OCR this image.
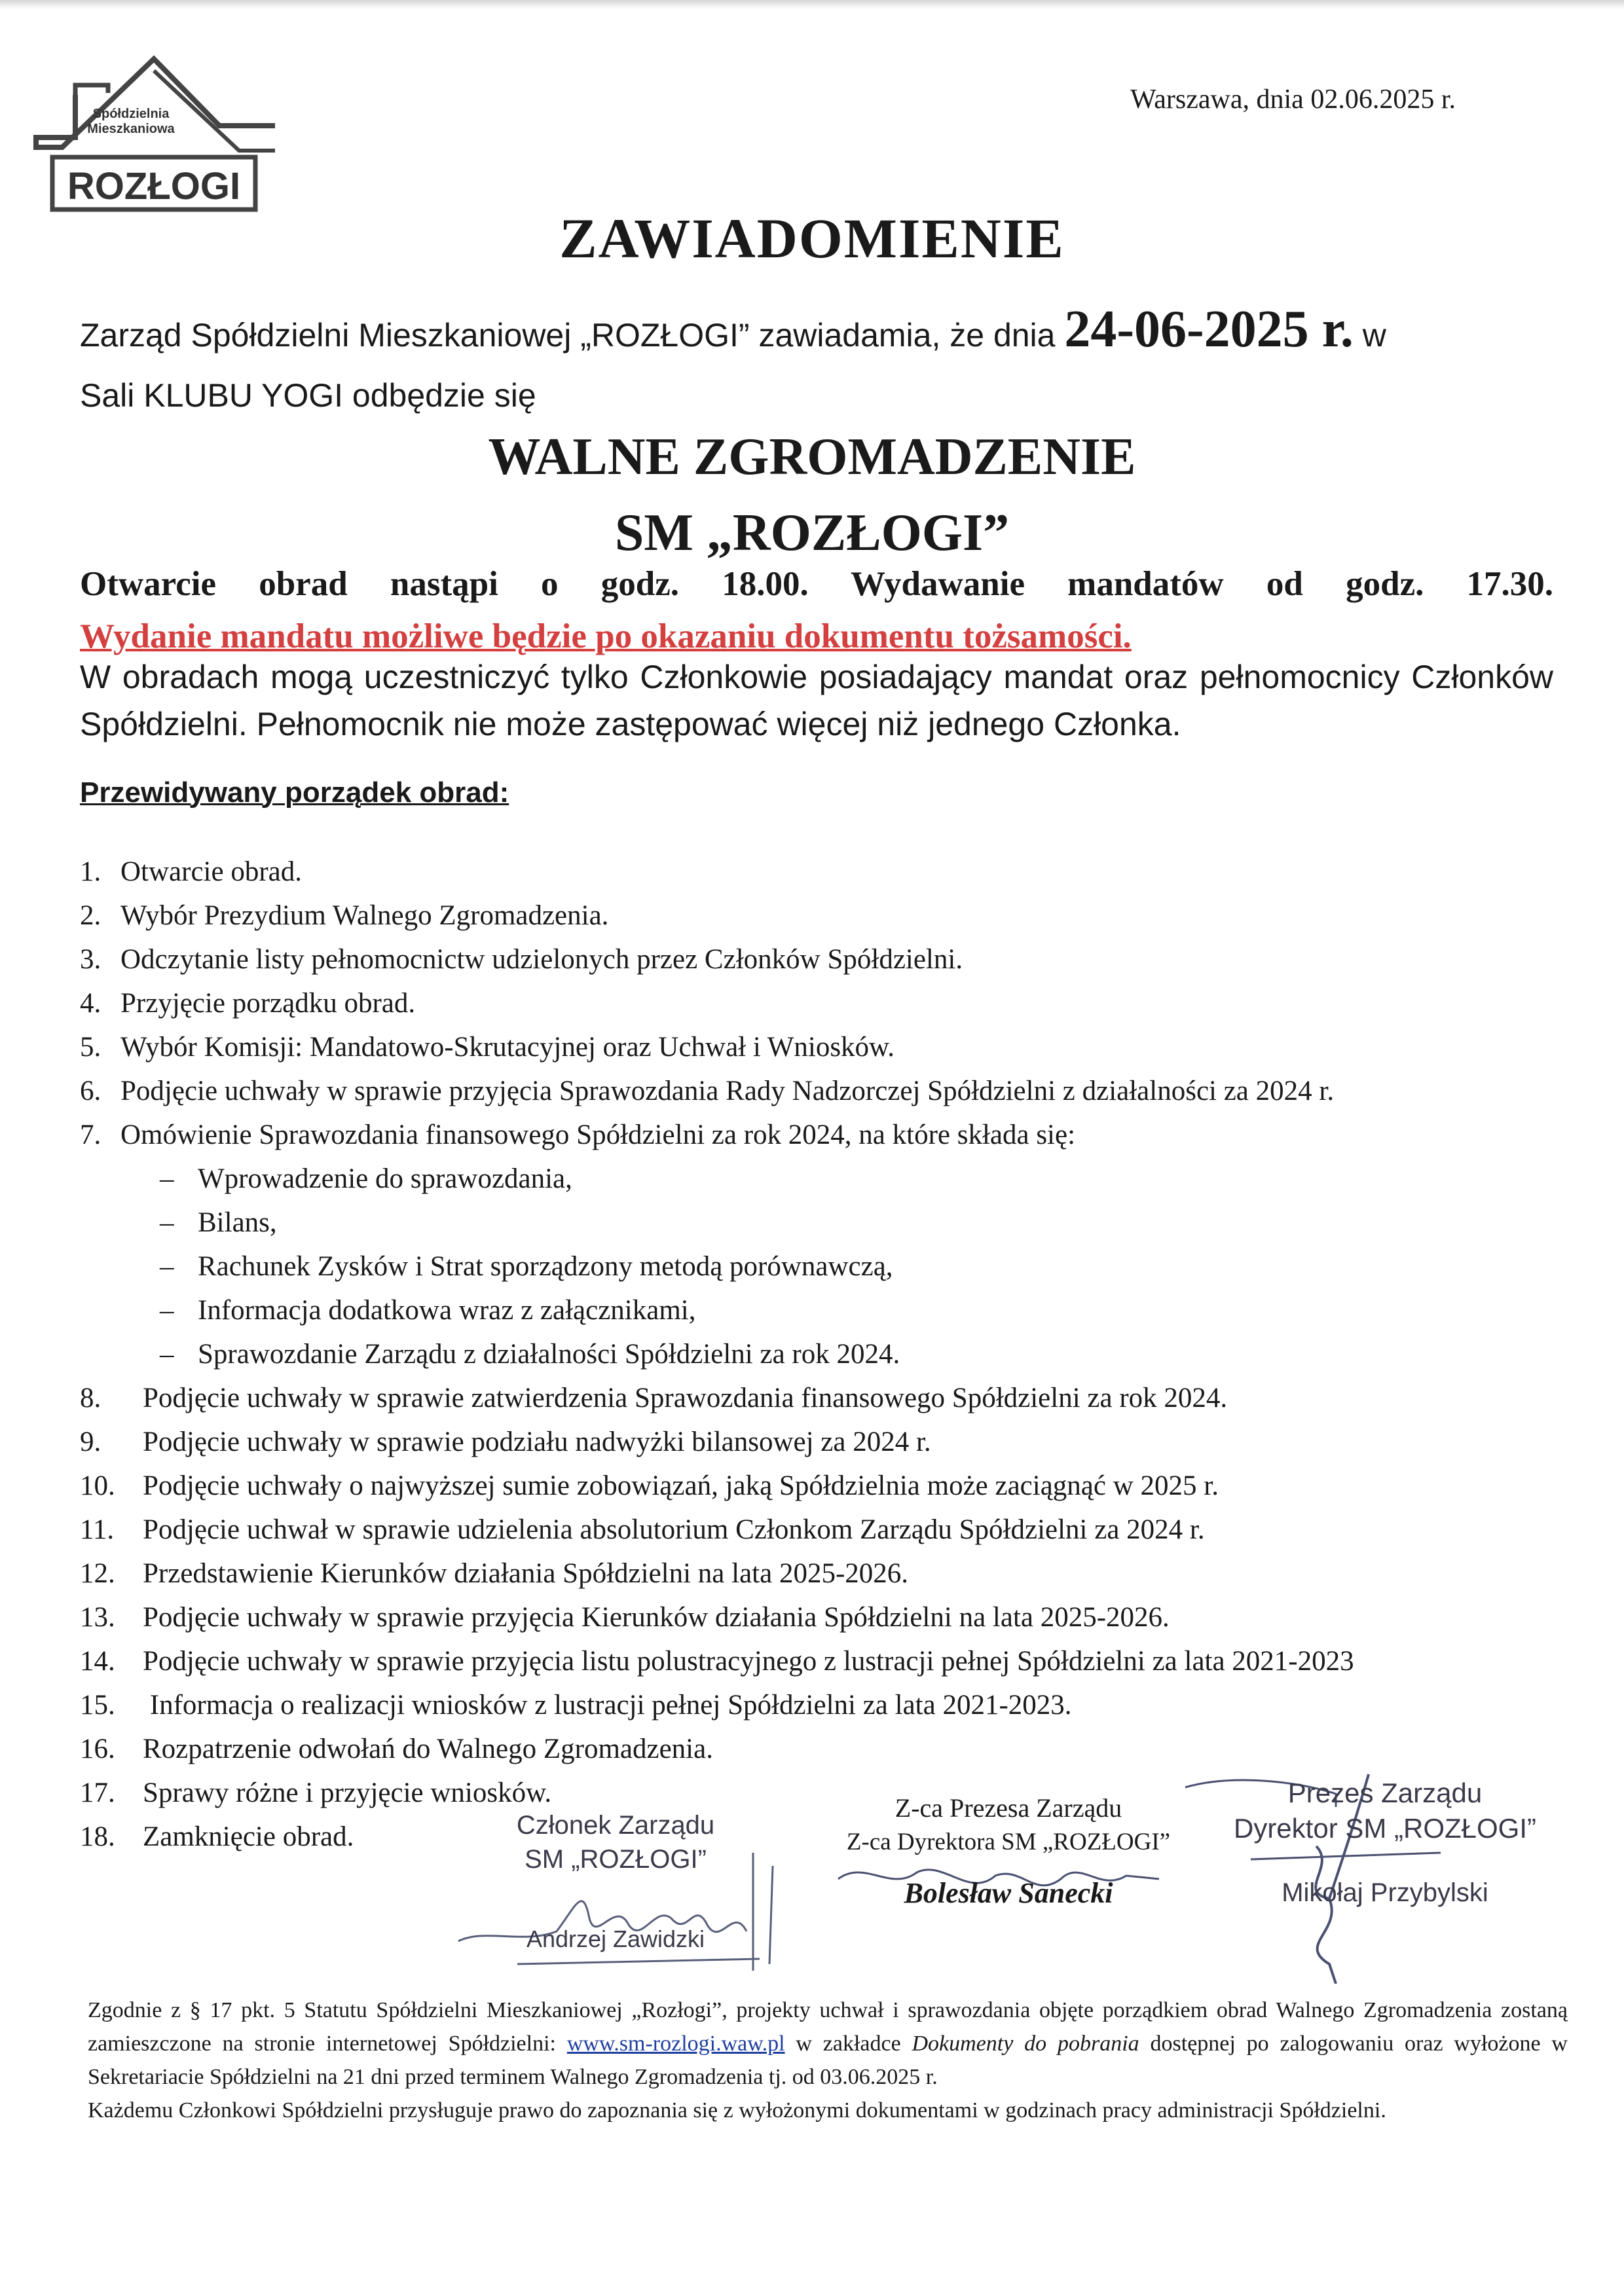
Spółdzielnia
Mieszkaniowa
ROZŁOGI
Warszawa, dnia 02.06.2025 r.
ZAWIADOMIENIE
Zarząd Spółdzielni Mieszkaniowej „ROZŁOGI” zawiadamia, że dnia 24-06-2025 r. w
Sali KLUBU YOGI odbędzie się
WALNE ZGROMADZENIE
SM „ROZŁOGI”
Otwarcie obrad nastąpi o godz. 18.00. Wydawanie mandatów od godz. 17.30.
Wydanie mandatu możliwe będzie po okazaniu dokumentu tożsamości.
W obradach mogą uczestniczyć tylko Członkowie posiadający mandat oraz pełnomocnicy Członków Spółdzielni. Pełnomocnik nie może zastępować więcej niż jednego Członka.
Przewidywany porządek obrad:
1. Otwarcie obrad.
2. Wybór Prezydium Walnego Zgromadzenia.
3. Odczytanie listy pełnomocnictw udzielonych przez Członków Spółdzielni.
4. Przyjęcie porządku obrad.
5. Wybór Komisji: Mandatowo-Skrutacyjnej oraz Uchwał i Wniosków.
6. Podjęcie uchwały w sprawie przyjęcia Sprawozdania Rady Nadzorczej Spółdzielni z działalności za 2024 r.
7. Omówienie Sprawozdania finansowego Spółdzielni za rok 2024, na które składa się:
– Wprowadzenie do sprawozdania,
– Bilans,
– Rachunek Zysków i Strat sporządzony metodą porównawczą,
– Informacja dodatkowa wraz z załącznikami,
– Sprawozdanie Zarządu z działalności Spółdzielni za rok 2024.
8. Podjęcie uchwały w sprawie zatwierdzenia Sprawozdania finansowego Spółdzielni za rok 2024.
9. Podjęcie uchwały w sprawie podziału nadwyżki bilansowej za 2024 r.
10. Podjęcie uchwały o najwyższej sumie zobowiązań, jaką Spółdzielnia może zaciągnąć w 2025 r.
11. Podjęcie uchwał w sprawie udzielenia absolutorium Członkom Zarządu Spółdzielni za 2024 r.
12. Przedstawienie Kierunków działania Spółdzielni na lata 2025-2026.
13. Podjęcie uchwały w sprawie przyjęcia Kierunków działania Spółdzielni na lata 2025-2026.
14. Podjęcie uchwały w sprawie przyjęcia listu polustracyjnego z lustracji pełnej Spółdzielni za lata 2021-2023
15. Informacja o realizacji wniosków z lustracji pełnej Spółdzielni za lata 2021-2023.
16. Rozpatrzenie odwołań do Walnego Zgromadzenia.
17. Sprawy różne i przyjęcie wniosków.
18. Zamknięcie obrad.	Członek Zarządu
SM „ROZŁOGI”
Andrzej Zawidzki
Z-ca Prezesa Zarządu
Z-ca Dyrektora SM „ROZŁOGI”
Bolesław Sanecki
Prezes Zarządu
Dyrektor SM „ROZŁOGI”
Mikołaj Przybylski

Zgodnie z § 17 pkt. 5 Statutu Spółdzielni Mieszkaniowej „Rozłogi”, projekty uchwał i sprawozdania objęte porządkiem obrad Walnego Zgromadzenia zostaną zamieszczone na stronie internetowej Spółdzielni: www.sm-rozlogi.waw.pl w zakładce Dokumenty do pobrania dostępnej po zalogowaniu oraz wyłożone w Sekretariacie Spółdzielni na 21 dni przed terminem Walnego Zgromadzenia tj. od 03.06.2025 r.

Każdemu Członkowi Spółdzielni przysługuje prawo do zapoznania się z wyłożonymi dokumentami w godzinach pracy administracji Spółdzielni.
